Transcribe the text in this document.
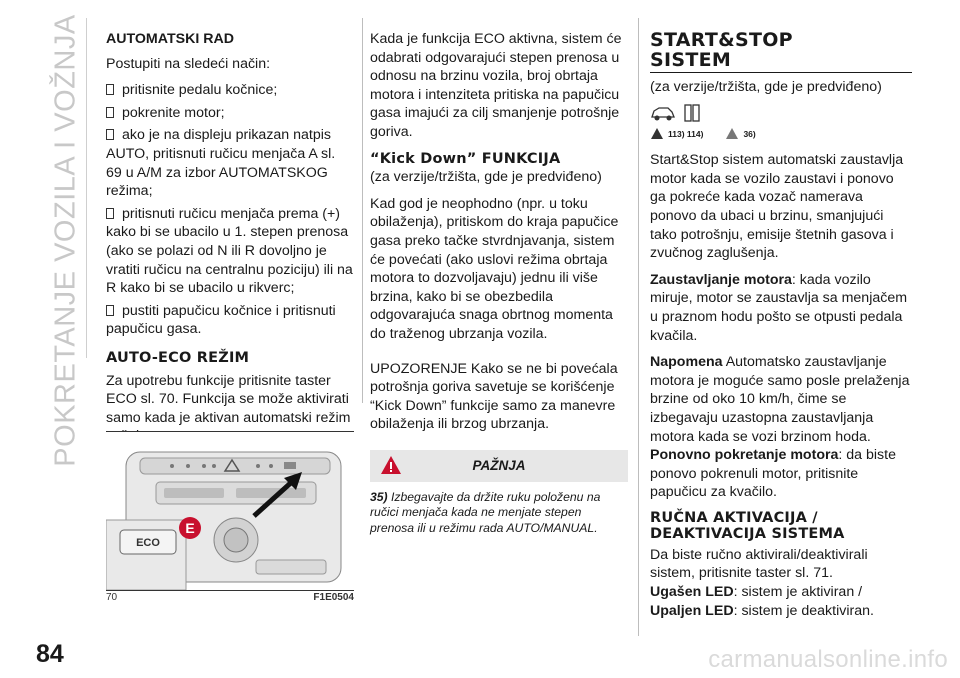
POKRETANJE VOZILA I VOŽNJA AUTOMATSKI RAD

Postupiti na sledeći način:

pritisnite pedalu kočnice;
pokrenite motor;
ako je na displeju prikazan natpis AUTO, pritisnuti ručicu menjača A sl. 69 u A/M za izbor AUTOMATSKOG režima;
pritisnuti ručicu menjača prema (+) kako bi se ubacilo u 1. stepen prenosa (ako se polazi od N ili R dovoljno je vratiti ručicu na centralnu poziciju) ili na R kako bi se ubacilo u rikverc;
pustiti papučicu kočnice i pritisnuti papučicu gasa.
AUTO-ECO REŽIM

Za upotrebu funkcije pritisnite taster ECO sl. 70. Funkcija se može aktivirati samo kada je aktivan automatski režim

ECO
E
70	F1E0504

Kada je funkcija ECO aktivna, sistem će odabrati odgovarajući stepen prenosa u odnosu na brzinu vozila, broj obrtaja motora i intenziteta pritiska na papučicu gasa imajući za cilj smanjenje potrošnje goriva.

“Kick Down” FUNKCIJA

(za verzije/tržišta, gde je predviđeno)

Kad god je neophodno (npr. u toku obilaženja), pritiskom do kraja papučice gasa preko tačke stvrdnjavanja, sistem će povećati (ako uslovi režima obrtaja motora to dozvoljavaju) jednu ili više brzina, kako bi se obezbedila odgovarajuća snaga obrtnog momenta do traženog ubrzanja vozila.

UPOZORENJE Kako se ne bi povećala potrošnja goriva savetuje se korišćenje “Kick Down” funkcije samo za manevre obilaženja ili brzog ubrzanja.

PAŽNJA

35) Izbegavajte da držite ruku položenu na ručici menjača kada ne menjate stepen prenosa ili u režimu rada AUTO/MANUAL.

START&STOP
SISTEM

(za verzije/tržišta, gde je predviđeno)

113) 114)	36)

Start&Stop sistem automatski zaustavlja motor kada se vozilo zaustavi i ponovo ga pokreće kada vozač namerava ponovo da ubaci u brzinu, smanjujući tako potrošnju, emisije štetnih gasova i zvučnog zaglušenja.

Zaustavljanje motora: kada vozilo miruje, motor se zaustavlja sa menjačem u praznom hodu pošto se otpusti pedala kvačila.

Napomena Automatsko zaustavljanje motora je moguće samo posle prelaženja brzine od oko 10 km/h, čime se izbegavaju uzastopna zaustavljanja motora kada se vozi brzinom hoda.

Ponovno pokretanje motora: da biste ponovo pokrenuli motor, pritisnite papučicu za kvačilo.

RUČNA AKTIVACIJA /
DEAKTIVACIJA SISTEMA

Da biste ručno aktivirali/deaktivirali sistem, pritisnite taster sl. 71.

Ugašen LED: sistem je aktiviran /
Upaljen LED: sistem je deaktiviran.
84	carmanualsonline.info
